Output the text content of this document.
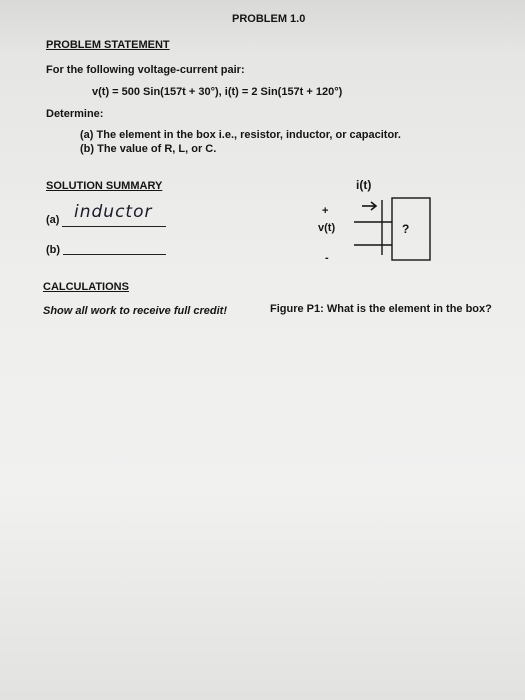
PROBLEM 1.0
PROBLEM STATEMENT
For the following voltage-current pair:
v(t) = 500 Sin(157t + 30°), i(t) = 2 Sin(157t + 120°)
Determine:
(a) The element in the box i.e., resistor, inductor, or capacitor.
(b) The value of R, L, or C.
SOLUTION SUMMARY
(a) inductor
(b)
i(t)
+
v(t)
-
?
CALCULATIONS
Show all work to receive full credit!	Figure P1: What is the element in the box?
